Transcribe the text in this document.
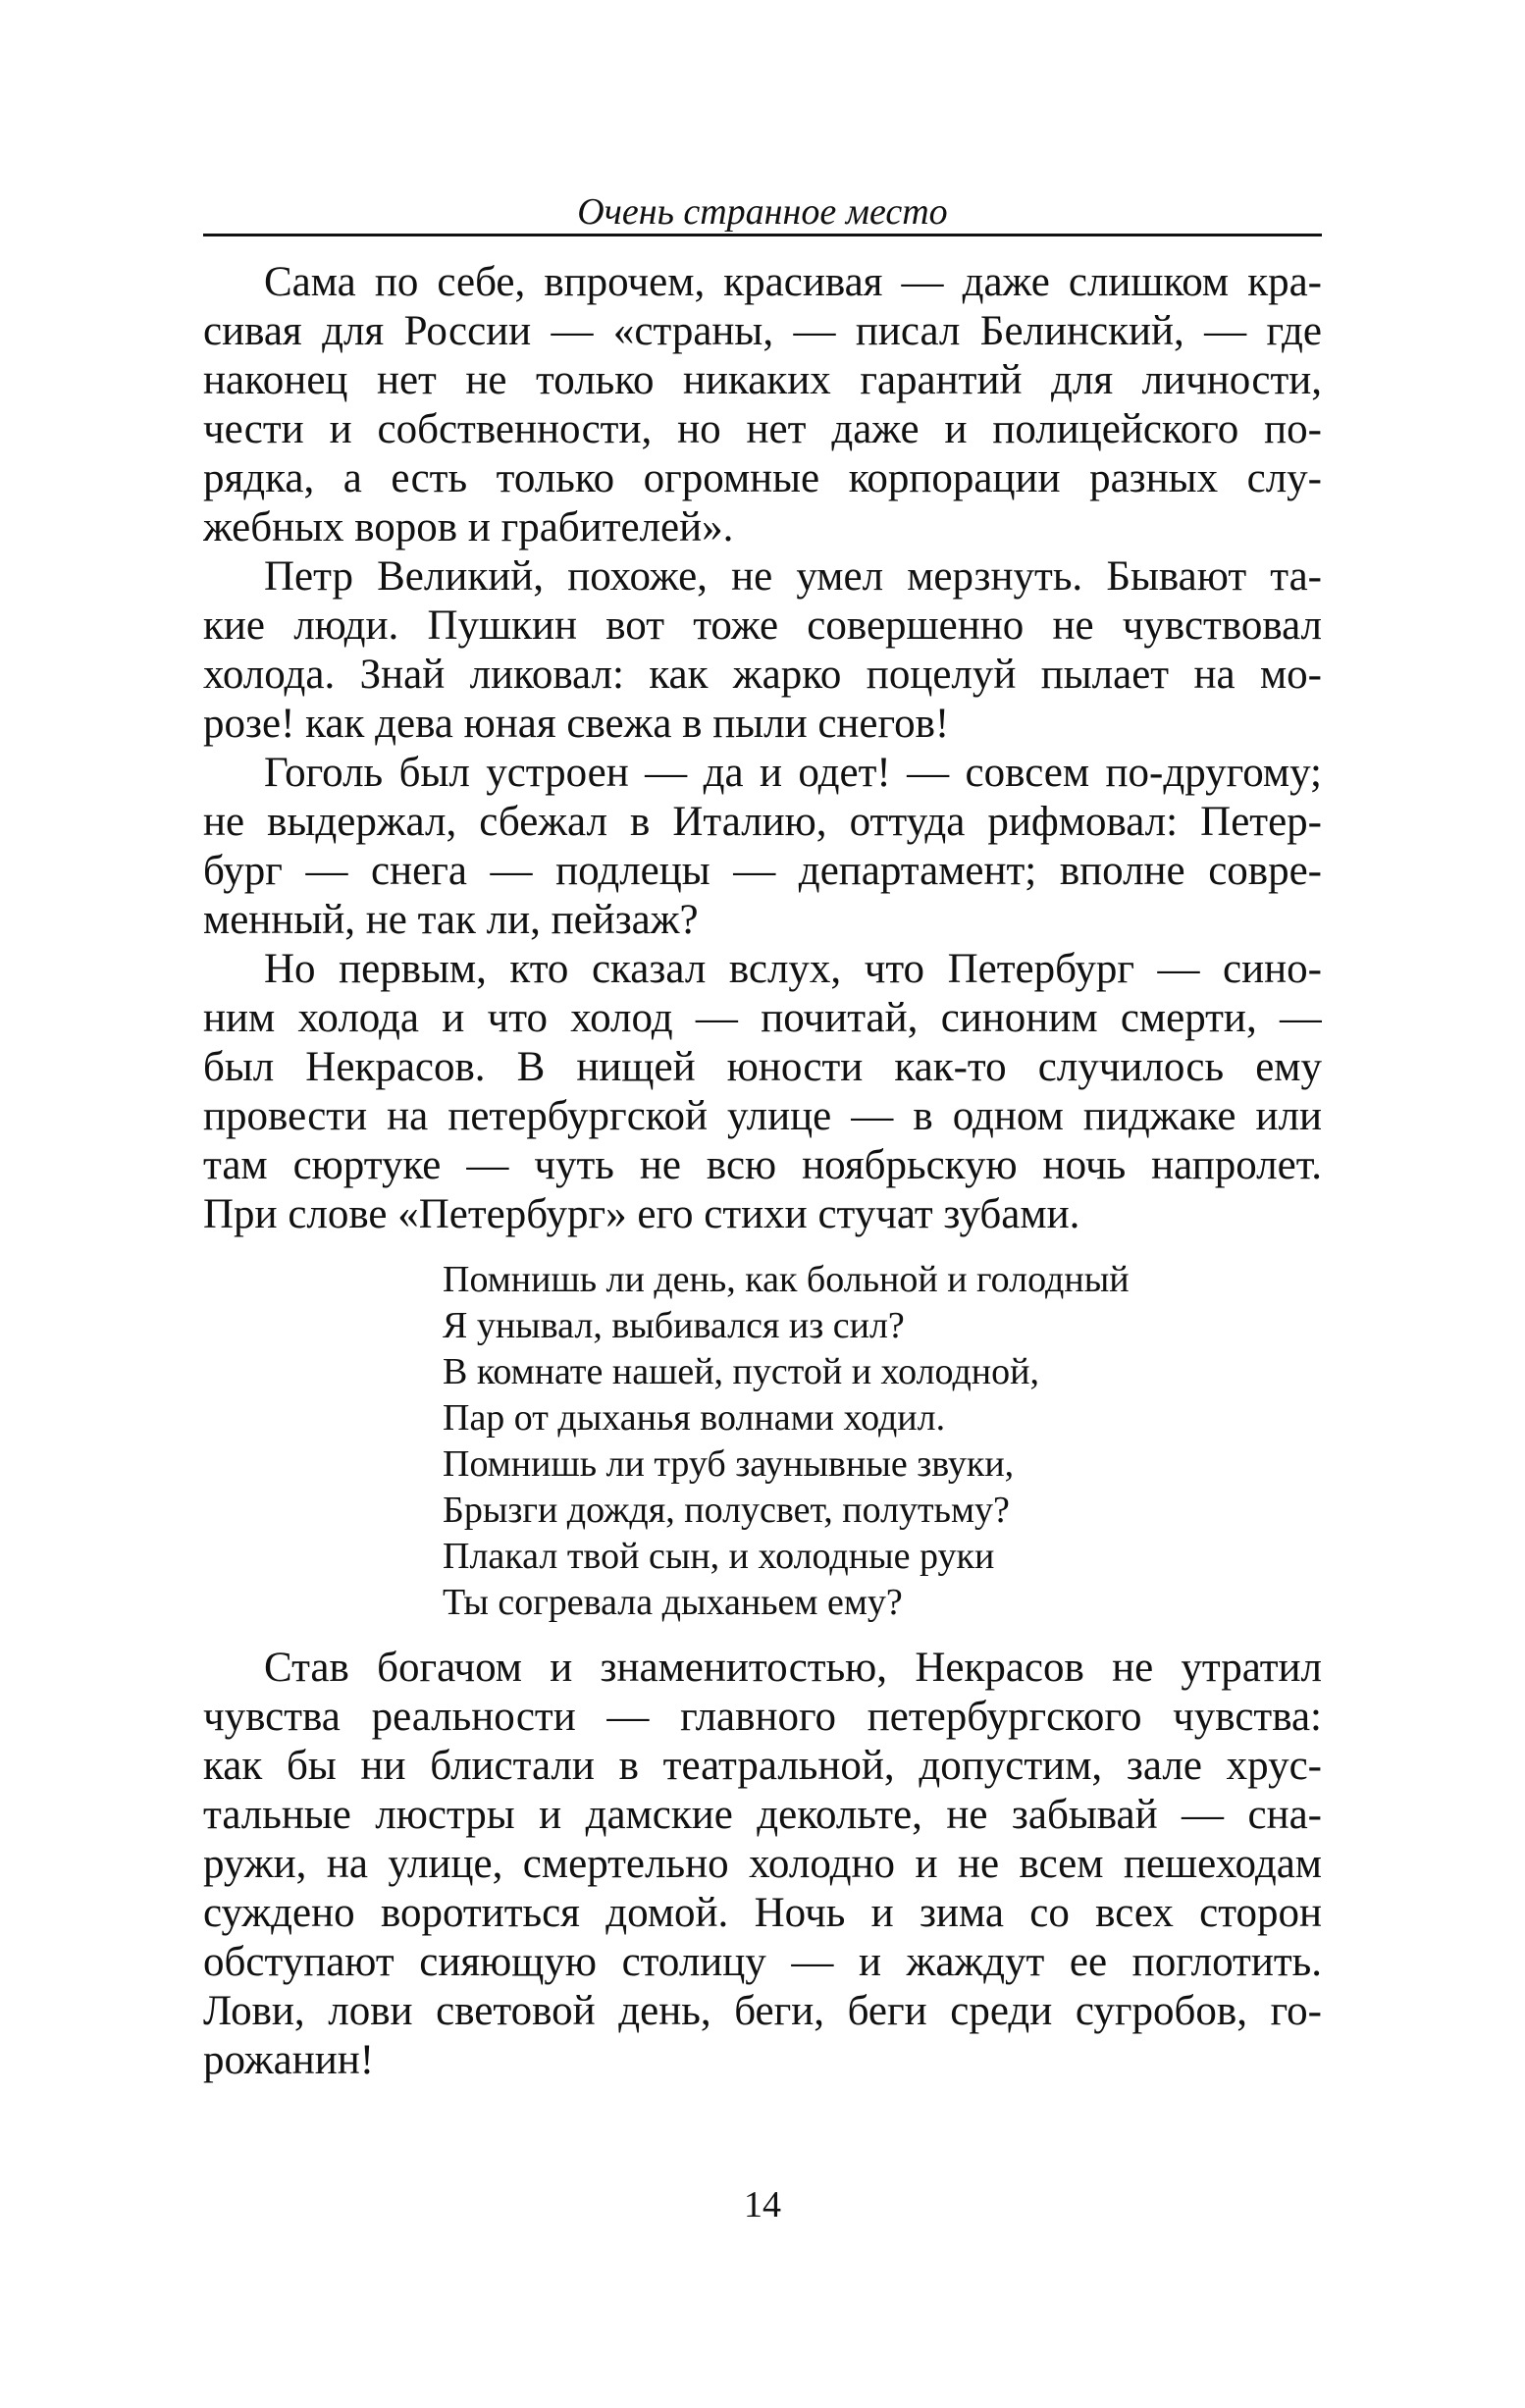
Очень странное место
Сама по себе, впрочем, красивая — даже слишком кра-
сивая для России — «страны, — писал Белинский, — где
наконец нет не только никаких гарантий для личности,
чести и собственности, но нет даже и полицейского по-
рядка, а есть только огромные корпорации разных слу-
жебных воров и грабителей».
Петр Великий, похоже, не умел мерзнуть. Бывают та-
кие люди. Пушкин вот тоже совершенно не чувствовал
холода. Знай ликовал: как жарко поцелуй пылает на мо-
розе! как дева юная свежа в пыли снегов!
Гоголь был устроен — да и одет! — совсем по-другому;
не выдержал, сбежал в Италию, оттуда рифмовал: Петер-
бург — снега — подлецы — департамент; вполне совре-
менный, не так ли, пейзаж?
Но первым, кто сказал вслух, что Петербург — сино-
ним холода и что холод — почитай, синоним смерти, —
был Некрасов. В нищей юности как-то случилось ему
провести на петербургской улице — в одном пиджаке или
там сюртуке — чуть не всю ноябрьскую ночь напролет.
При слове «Петербург» его стихи стучат зубами.
Помнишь ли день, как больной и голодный
Я унывал, выбивался из сил?
В комнате нашей, пустой и холодной,
Пар от дыханья волнами ходил.
Помнишь ли труб заунывные звуки,
Брызги дождя, полусвет, полутьму?
Плакал твой сын, и холодные руки
Ты согревала дыханьем ему?
Став богачом и знаменитостью, Некрасов не утратил
чувства реальности — главного петербургского чувства:
как бы ни блистали в театральной, допустим, зале хрус-
тальные люстры и дамские декольте, не забывай — сна-
ружи, на улице, смертельно холодно и не всем пешеходам
суждено воротиться домой. Ночь и зима со всех сторон
обступают сияющую столицу — и жаждут ее поглотить.
Лови, лови световой день, беги, беги среди сугробов, го-
рожанин!
14
